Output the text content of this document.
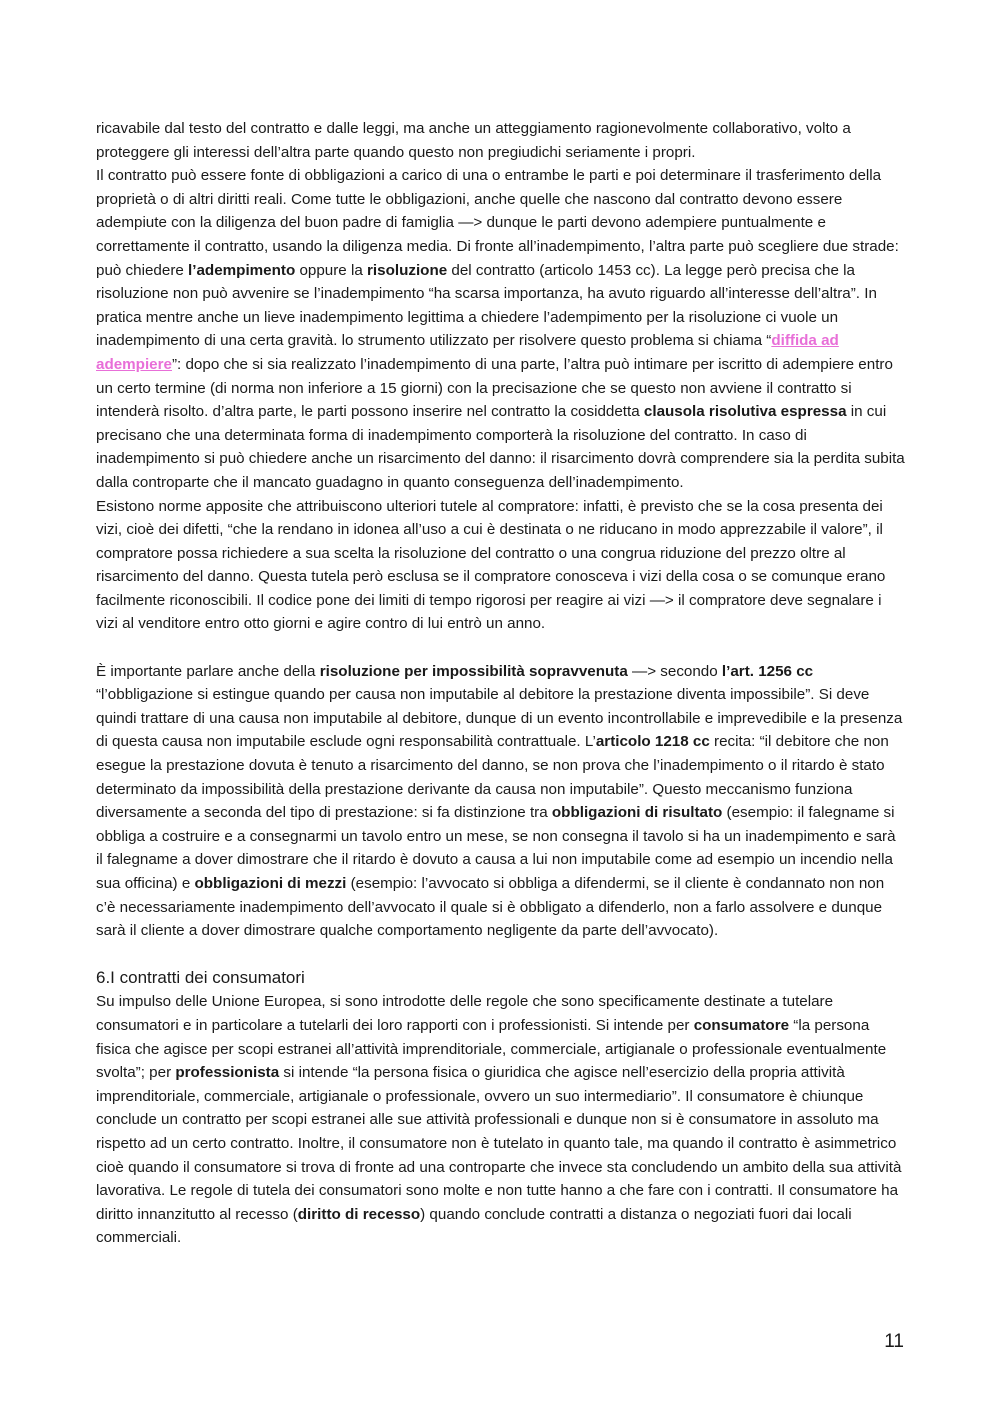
ricavabile dal testo del contratto e dalle leggi, ma anche un atteggiamento ragionevolmente collaborativo, volto a proteggere gli interessi dell’altra parte quando questo non pregiudichi seriamente i propri.

Il contratto può essere fonte di obbligazioni a carico di una o entrambe le parti e poi determinare il trasferimento della proprietà o di altri diritti reali. Come tutte le obbligazioni, anche quelle che nascono dal contratto devono essere adempiute con la diligenza del buon padre di famiglia —> dunque le parti devono adempiere puntualmente e correttamente il contratto, usando la diligenza media. Di fronte all’inadempimento, l’altra parte può scegliere due strade: può chiedere l’adempimento oppure la risoluzione del contratto (articolo 1453 cc). La legge però precisa che la risoluzione non può avvenire se l’inadempimento “ha scarsa importanza, ha avuto riguardo all’interesse dell’altra”. In pratica mentre anche un lieve inadempimento legittima a chiedere l’adempimento per la risoluzione ci vuole un inadempimento di una certa gravità. lo strumento utilizzato per risolvere questo problema si chiama “diffida ad adempiere”: dopo che si sia realizzato l’inadempimento di una parte, l’altra può intimare per iscritto di adempiere entro un certo termine (di norma non inferiore a 15 giorni) con la precisazione che se questo non avviene il contratto si intenderà risolto. d’altra parte, le parti possono inserire nel contratto la cosiddetta clausola risolutiva espressa in cui precisano che una determinata forma di inadempimento comporterà la risoluzione del contratto. In caso di inadempimento si può chiedere anche un risarcimento del danno: il risarcimento dovrà comprendere sia la perdita subita dalla controparte che il mancato guadagno in quanto conseguenza dell’inadempimento.

Esistono norme apposite che attribuiscono ulteriori tutele al compratore: infatti, è previsto che se la cosa presenta dei vizi, cioè dei difetti, “che la rendano in idonea all’uso a cui è destinata o ne riducano in modo apprezzabile il valore”, il compratore possa richiedere a sua scelta la risoluzione del contratto o una congrua riduzione del prezzo oltre al risarcimento del danno. Questa tutela però esclusa se il compratore conosceva i vizi della cosa o se comunque erano facilmente riconoscibili. Il codice pone dei limiti di tempo rigorosi per reagire ai vizi —> il compratore deve segnalare i vizi al venditore entro otto giorni e agire contro di lui entrò un anno.

È importante parlare anche della risoluzione per impossibilità sopravvenuta —> secondo l’art. 1256 cc “l’obbligazione si estingue quando per causa non imputabile al debitore la prestazione diventa impossibile”. Si deve quindi trattare di una causa non imputabile al debitore, dunque di un evento incontrollabile e imprevedibile e la presenza di questa causa non imputabile esclude ogni responsabilità contrattuale. L’articolo 1218 cc recita: “il debitore che non esegue la prestazione dovuta è tenuto a risarcimento del danno, se non prova che l’inadempimento o il ritardo è stato determinato da impossibilità della prestazione derivante da causa non imputabile”. Questo meccanismo funziona diversamente a seconda del tipo di prestazione: si fa distinzione tra obbligazioni di risultato (esempio: il falegname si obbliga a costruire e a consegnarmi un tavolo entro un mese, se non consegna il tavolo si ha un inadempimento e sarà il falegname a dover dimostrare che il ritardo è dovuto a causa a lui non imputabile come ad esempio un incendio nella sua officina) e obbligazioni di mezzi (esempio: l’avvocato si obbliga a difendermi, se il cliente è condannato non non c’è necessariamente inadempimento dell’avvocato il quale si è obbligato a difenderlo, non a farlo assolvere e dunque sarà il cliente a dover dimostrare qualche comportamento negligente da parte dell’avvocato).

6.I contratti dei consumatori

Su impulso delle Unione Europea, si sono introdotte delle regole che sono specificamente destinate a tutelare consumatori e in particolare a tutelarli dei loro rapporti con i professionisti. Si intende per consumatore “la persona fisica che agisce per scopi estranei all’attività imprenditoriale, commerciale, artigianale o professionale eventualmente svolta”; per professionista si intende “la persona fisica o giuridica che agisce nell’esercizio della propria attività imprenditoriale, commerciale, artigianale o professionale, ovvero un suo intermediario”. Il consumatore è chiunque conclude un contratto per scopi estranei alle sue attività professionali e dunque non si è consumatore in assoluto ma rispetto ad un certo contratto. Inoltre, il consumatore non è tutelato in quanto tale, ma quando il contratto è asimmetrico cioè quando il consumatore si trova di fronte ad una controparte che invece sta concludendo un ambito della sua attività lavorativa. Le regole di tutela dei consumatori sono molte e non tutte hanno a che fare con i contratti. Il consumatore ha diritto innanzitutto al recesso (diritto di recesso) quando conclude contratti a distanza o negoziati fuori dai locali commerciali.

11
